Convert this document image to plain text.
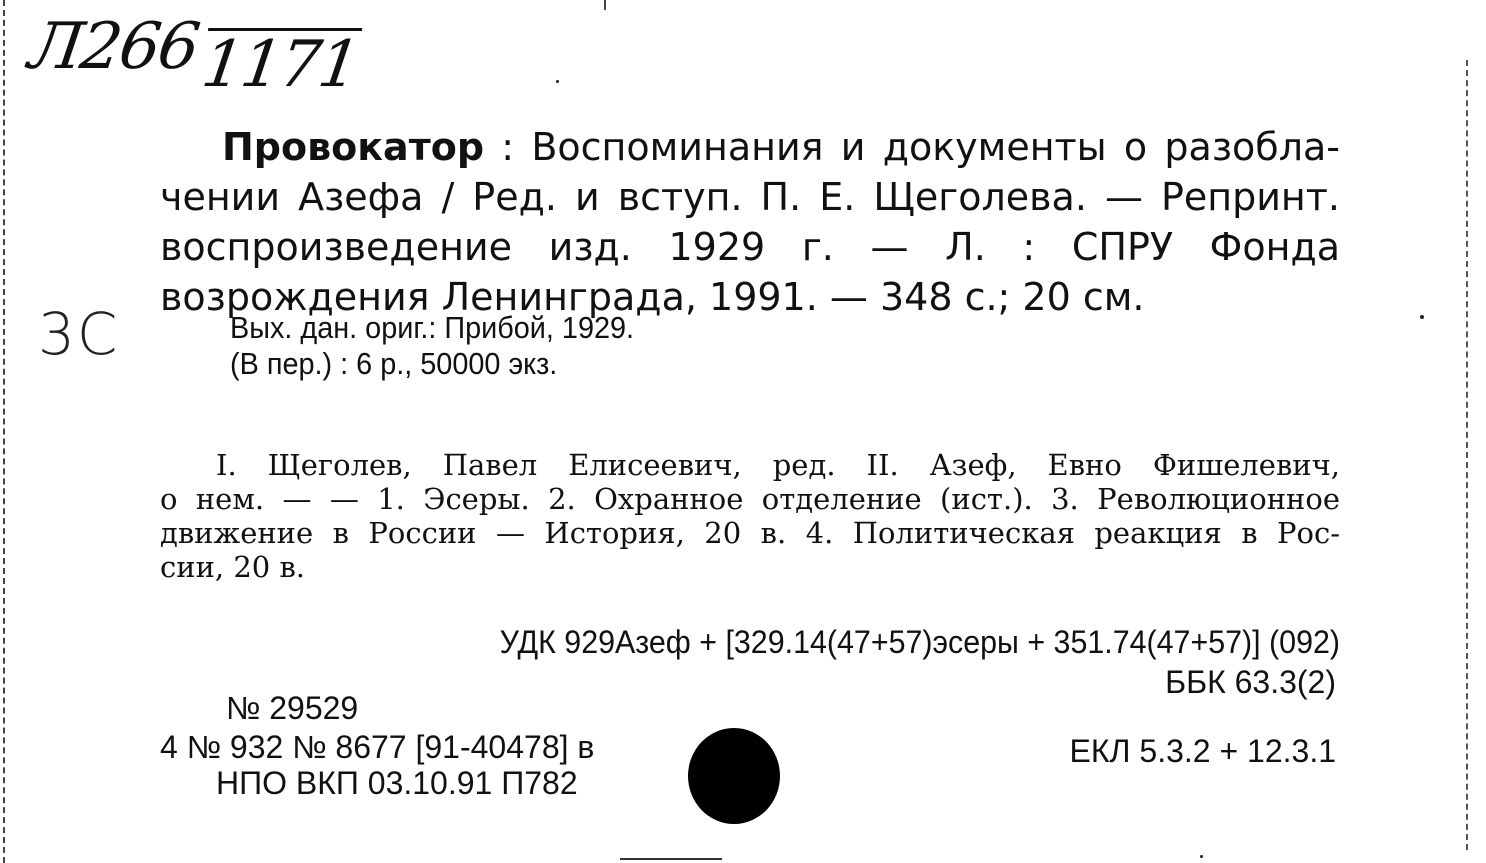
Л2661171
3С
Провокатор : Воспоминания и документы о разобла-
чении Азефа / Ред. и вступ. П. Е. Щеголева. — Репринт.
воспроизведение изд. 1929 г. — Л. : СПРУ Фонда
возрождения Ленинграда, 1991. — 348 с.; 20 см.
Вых. дан. ориг.: Прибой, 1929.
(В пер.) : 6 р., 50000 экз.
I. Щеголев, Павел Елисеевич, ред. II. Азеф, Евно Фишелевич,
о нем. — — 1. Эсеры. 2. Охранное отделение (ист.). 3. Революционное
движение в России — История, 20 в. 4. Политическая реакция в Рос-
сии, 20 в.
УДК 929Азеф + [329.14(47+57)эсеры + 351.74(47+57)] (092)
ББК 63.3(2)
№ 29529
4 № 932 № 8677 [91-40478] в
НПО ВКП 03.10.91 П782
ЕКЛ 5.3.2 + 12.3.1
